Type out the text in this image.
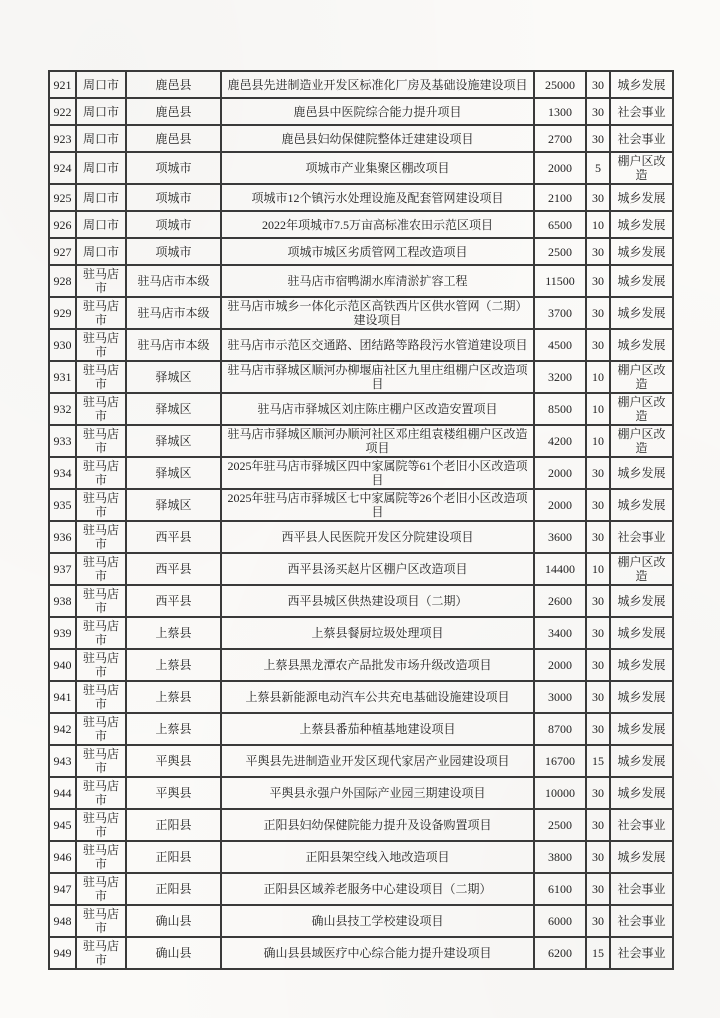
921	周口市	鹿邑县	鹿邑县先进制造业开发区标准化厂房及基础设施建设项目	25000	30	城乡发展
922	周口市	鹿邑县	鹿邑县中医院综合能力提升项目	1300	30	社会事业
923	周口市	鹿邑县	鹿邑县妇幼保健院整体迁建建设项目	2700	30	社会事业
924	周口市	项城市	项城市产业集聚区棚改项目	2000	5	棚户区改造
925	周口市	项城市	项城市12个镇污水处理设施及配套管网建设项目	2100	30	城乡发展
926	周口市	项城市	2022年项城市7.5万亩高标准农田示范区项目	6500	10	城乡发展
927	周口市	项城市	项城市城区劣质管网工程改造项目	2500	30	城乡发展
928	驻马店市	驻马店市本级	驻马店市宿鸭湖水库清淤扩容工程	11500	30	城乡发展
929	驻马店市	驻马店市本级	驻马店市城乡一体化示范区高铁西片区供水管网（二期）建设项目	3700	30	城乡发展
930	驻马店市	驻马店市本级	驻马店市示范区交通路、团结路等路段污水管道建设项目	4500	30	城乡发展
931	驻马店市	驿城区	驻马店市驿城区顺河办柳堰庙社区九里庄组棚户区改造项目	3200	10	棚户区改造
932	驻马店市	驿城区	驻马店市驿城区刘庄陈庄棚户区改造安置项目	8500	10	棚户区改造
933	驻马店市	驿城区	驻马店市驿城区顺河办顺河社区邓庄组袁楼组棚户区改造项目	4200	10	棚户区改造
934	驻马店市	驿城区	2025年驻马店市驿城区四中家属院等61个老旧小区改造项目	2000	30	城乡发展
935	驻马店市	驿城区	2025年驻马店市驿城区七中家属院等26个老旧小区改造项目	2000	30	城乡发展
936	驻马店市	西平县	西平县人民医院开发区分院建设项目	3600	30	社会事业
937	驻马店市	西平县	西平县汤买赵片区棚户区改造项目	14400	10	棚户区改造
938	驻马店市	西平县	西平县城区供热建设项目（二期）	2600	30	城乡发展
939	驻马店市	上蔡县	上蔡县餐厨垃圾处理项目	3400	30	城乡发展
940	驻马店市	上蔡县	上蔡县黑龙潭农产品批发市场升级改造项目	2000	30	城乡发展
941	驻马店市	上蔡县	上蔡县新能源电动汽车公共充电基础设施建设项目	3000	30	城乡发展
942	驻马店市	上蔡县	上蔡县番茄种植基地建设项目	8700	30	城乡发展
943	驻马店市	平舆县	平舆县先进制造业开发区现代家居产业园建设项目	16700	15	城乡发展
944	驻马店市	平舆县	平舆县永强户外国际产业园三期建设项目	10000	30	城乡发展
945	驻马店市	正阳县	正阳县妇幼保健院能力提升及设备购置项目	2500	30	社会事业
946	驻马店市	正阳县	正阳县架空线入地改造项目	3800	30	城乡发展
947	驻马店市	正阳县	正阳县区域养老服务中心建设项目（二期）	6100	30	社会事业
948	驻马店市	确山县	确山县技工学校建设项目	6000	30	社会事业
949	驻马店市	确山县	确山县县域医疗中心综合能力提升建设项目	6200	15	社会事业
